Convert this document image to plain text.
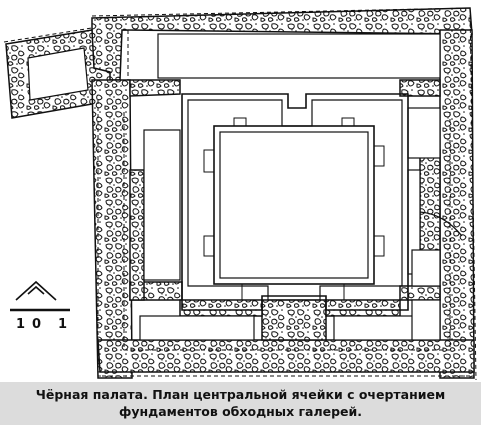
1 0 1
Чёрная палата. План центральной ячейки с очертанием
фундаментов обходных галерей.
